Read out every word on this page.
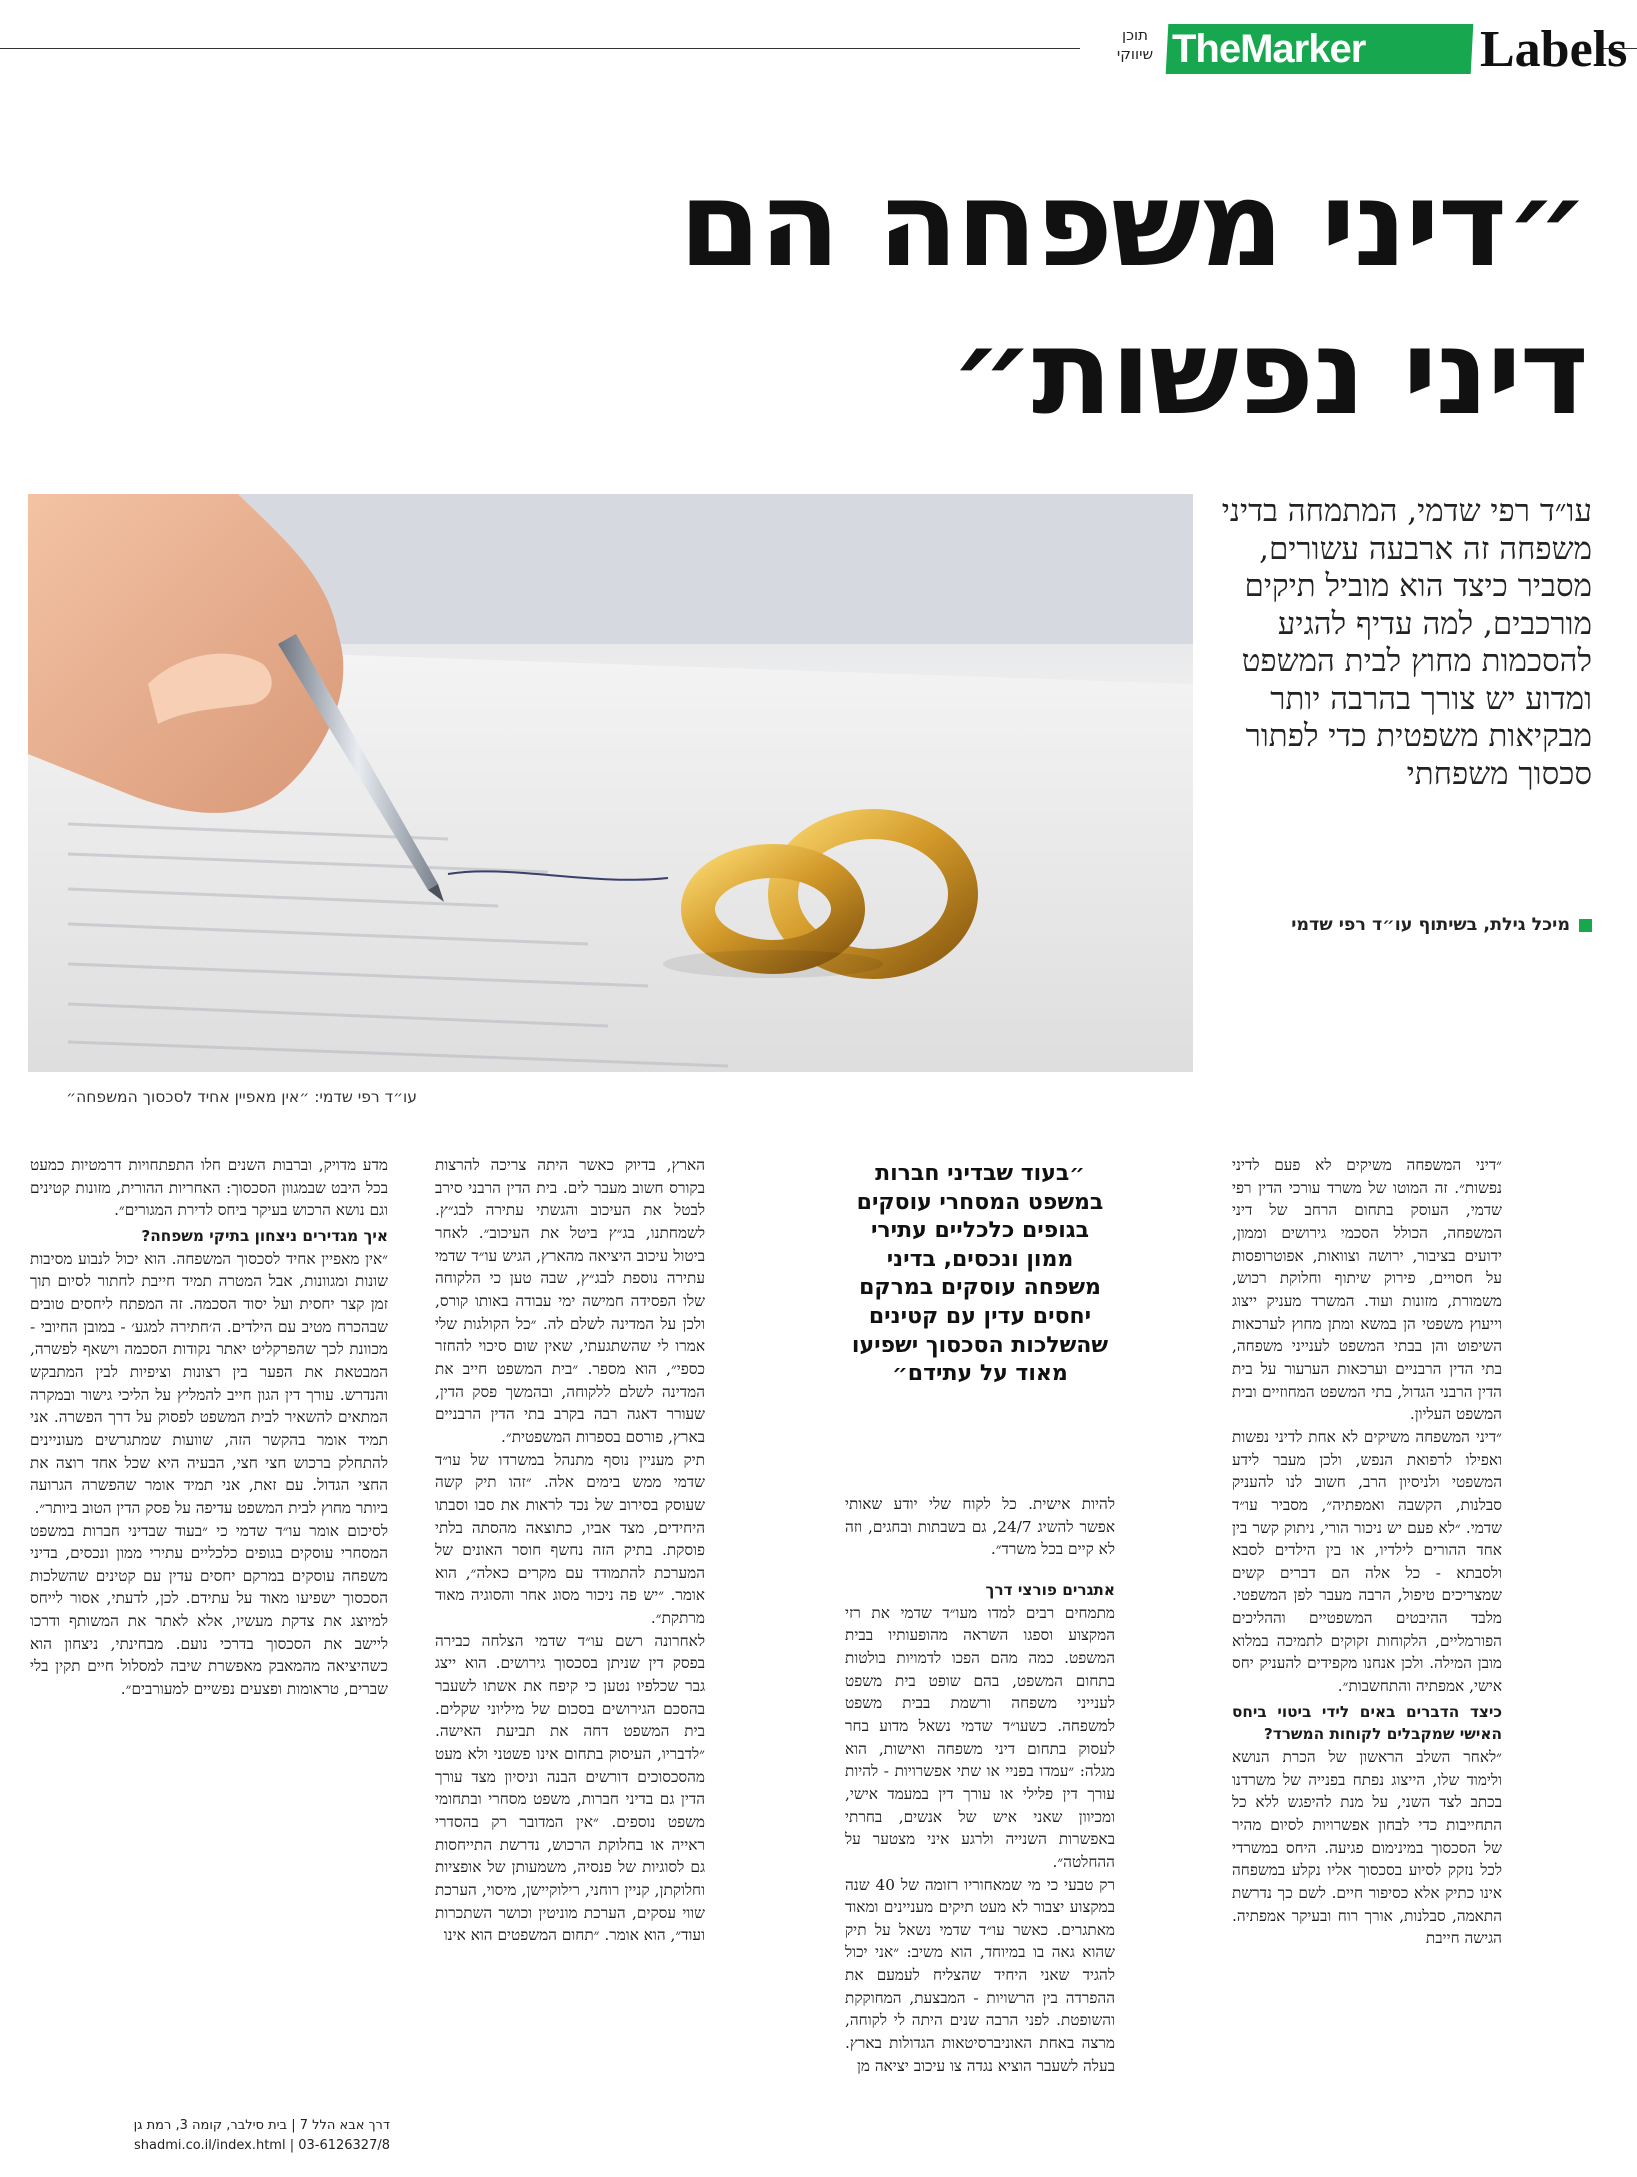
תוכן
שיווקי TheMarker	Labels
״דיני משפחה הם
דיני נפשות״
עו״ד רפי שדמי: ״אין מאפיין אחיד לסכסוך המשפחה״
עו״ד רפי שדמי, המתמחה בדיני משפחה זה ארבעה עשורים, מסביר כיצד הוא מוביל תיקים מורכבים, למה עדיף להגיע להסכמות מחוץ לבית המשפט ומדוע יש צורך בהרבה יותר מבקיאות משפטית כדי לפתור סכסוך משפחתי
מיכל גילת, בשיתוף עו״ד רפי שדמי

״דיני המשפחה משיקים לא פעם לדיני נפשות״. זה המוטו של משרד עורכי הדין רפי שדמי, העוסק בתחום הרחב של דיני המשפחה, הכולל הסכמי גירושים וממון, ידועים בציבור, ירושה וצוואות, אפוטרופסות על חסויים, פירוק שיתוף וחלוקת רכוש, משמורת, מזונות ועוד. המשרד מעניק ייצוג וייעוץ משפטי הן במשא ומתן מחוץ לערכאות השיפוט והן בבתי המשפט לענייני משפחה, בתי הדין הרבניים וערכאות הערעור על בית הדין הרבני הגדול, בתי המשפט המחוזיים ובית המשפט העליון.

״דיני המשפחה משיקים לא אחת לדיני נפשות ואפילו לרפואת הנפש, ולכן מעבר לידע המשפטי ולניסיון הרב, חשוב לנו להעניק סבלנות, הקשבה ואמפתיה״, מסביר עו״ד שדמי. ״לא פעם יש ניכור הורי, ניתוק קשר בין אחד ההורים לילדיו, או בין הילדים לסבא ולסבתא - כל אלה הם דברים קשים שמצריכים טיפול, הרבה מעבר לפן המשפטי. מלבד ההיבטים המשפטיים וההליכים הפורמליים, הלקוחות זקוקים לתמיכה במלוא מובן המילה. ולכן אנחנו מקפידים להעניק יחס אישי, אמפתיה והתחשבות״.

כיצד הדברים באים לידי ביטוי ביחס האישי שמקבלים לקוחות המשרד?

״לאחר השלב הראשון של הכרת הנושא ולימוד שלו, הייצוג נפתח בפנייה של משרדנו בכתב לצד השני, על מנת להיפגש ללא כל התחייבות כדי לבחון אפשרויות לסיום מהיר של הסכסוך במינימום פגיעה. היחס במשרדי לכל נזקק לסיוע בסכסוך אליו נקלע במשפחה אינו כתיק אלא כסיפור חיים. לשם כך נדרשת התאמה, סבלנות, אורך רוח ובעיקר אמפתיה. הגישה חייבת

״בעוד שבדיני חברות במשפט המסחרי עוסקים בגופים כלכליים עתירי ממון ונכסים, בדיני משפחה עוסקים במרקם יחסים עדין עם קטינים שהשלכות הסכסוך ישפיעו מאוד על עתידם״

להיות אישית. כל לקוח שלי יודע שאותי אפשר להשיג 24/7, גם בשבתות ובחגים, וזה לא קיים בכל משרד״.

אתגרים פורצי דרך

מתמחים רבים למדו מעו״ד שדמי את רזי המקצוע וספגו השראה מהופעותיו בבית המשפט. כמה מהם הפכו לדמויות בולטות בתחום המשפט, בהם שופט בית משפט לענייני משפחה ורשמת בבית משפט למשפחה. כשעו״ד שדמי נשאל מדוע בחר לעסוק בתחום דיני משפחה ואישות, הוא מגלה: ״עמדו בפניי או שתי אפשרויות - להיות עורך דין פלילי או עורך דין במעמד אישי, ומכיוון שאני איש של אנשים, בחרתי באפשרות השנייה ולרגע איני מצטער על ההחלטה״.

רק טבעי כי מי שמאחוריו רזומה של 40 שנה במקצוע יצבור לא מעט תיקים מעניינים ומאוד מאתגרים. כאשר עו״ד שדמי נשאל על תיק שהוא גאה בו במיוחד, הוא משיב: ״אני יכול להגיד שאני היחיד שהצליח לעמעם את ההפרדה בין הרשויות - המבצעת, המחוקקת והשופטת. לפני הרבה שנים היתה לי לקוחה, מרצה באחת האוניברסיטאות הגדולות בארץ. בעלה לשעבר הוציא נגדה צו עיכוב יציאה מן

הארץ, בדיוק כאשר היתה צריכה להרצות בקורס חשוב מעבר לים. בית הדין הרבני סירב לבטל את העיכוב והגשתי עתירה לבג״ץ. לשמחתנו, בג״ץ ביטל את העיכוב״. לאחר ביטול עיכוב היציאה מהארץ, הגיש עו״ד שדמי עתירה נוספת לבג״ץ, שבה טען כי הלקוחה שלו הפסידה חמישה ימי עבודה באותו קורס, ולכן על המדינה לשלם לה. ״כל הקולגות שלי אמרו לי שהשתגעתי, שאין שום סיכוי להחזר כספי״, הוא מספר. ״בית המשפט חייב את המדינה לשלם ללקוחה, ובהמשך פסק הדין, שעורר דאגה רבה בקרב בתי הדין הרבניים בארץ, פורסם בספרות המשפטית״.

תיק מעניין נוסף מתנהל במשרדו של עו״ד שדמי ממש בימים אלה. ״זהו תיק קשה שעוסק בסירוב של נכד לראות את סבו וסבתו היחידים, מצד אביו, כתוצאה מהסתה בלתי פוסקת. בתיק הזה נחשף חוסר האונים של המערכת להתמודד עם מקרים כאלה״, הוא אומר. ״יש פה ניכור מסוג אחר והסוגיה מאוד מרתקת״.

לאחרונה רשם עו״ד שדמי הצלחה כבירה בפסק דין שניתן בסכסוך גירושים. הוא ייצג גבר שכלפיו נטען כי קיפח את אשתו לשעבר בהסכם הגירושים בסכום של מיליוני שקלים. בית המשפט דחה את תביעת האישה. ״לדבריו, העיסוק בתחום אינו פשטני ולא מעט מהסכסוכים דורשים הבנה וניסיון מצד עורך הדין גם בדיני חברות, משפט מסחרי ובתחומי משפט נוספים. ״אין המדובר רק בהסדרי ראייה או בחלוקת הרכוש, נדרשת התייחסות גם לסוגיות של פנסיה, משמעותן של אופציות וחלוקתן, קניין רוחני, רילוקיישן, מיסוי, הערכת שווי עסקים, הערכת מוניטין וכושר השתכרות ועוד״, הוא אומר. ״תחום המשפטים הוא אינו

מדע מדויק, וברבות השנים חלו התפתחויות דרמטיות כמעט בכל היבט שבמגוון הסכסוך: האחריות ההורית, מזונות קטינים וגם נושא הרכוש בעיקר ביחס לדירת המגורים״.

איך מגדירים ניצחון בתיקי משפחה?

״אין מאפיין אחיד לסכסוך המשפחה. הוא יכול לנבוע מסיבות שונות ומגוונות, אבל המטרה תמיד חייבת לחתור לסיום תוך זמן קצר יחסית ועל יסוד הסכמה. זה המפתח ליחסים טובים שבהכרח מטיב עם הילדים. ה׳חתירה למגע׳ - במובן החיובי - מכוונת לכך שהפרקליט יאתר נקודות הסכמה וישאף לפשרה, המבטאת את הפער בין רצונות וציפיות לבין המתבקש והנדרש. עורך דין הגון חייב להמליץ על הליכי גישור ובמקרה המתאים להשאיר לבית המשפט לפסוק על דרך הפשרה. אני תמיד אומר בהקשר הזה, שוועות שמתגרשים מעוניינים להתחלק ברכוש חצי חצי, הבעיה היא שכל אחד רוצה את החצי הגדול. עם זאת, אני תמיד אומר שהפשרה הגרועה ביותר מחוץ לבית המשפט עדיפה על פסק הדין הטוב ביותר״.

לסיכום אומר עו״ד שדמי כי ״בעוד שבדיני חברות במשפט המסחרי עוסקים בגופים כלכליים עתירי ממון ונכסים, בדיני משפחה עוסקים במרקם יחסים עדין עם קטינים שהשלכות הסכסוך ישפיעו מאוד על עתידם. לכן, לדעתי, אסור לייחס למיוצג את צדקת מעשיו, אלא לאתר את המשותף ודרכו ליישב את הסכסוך בדרכי נועם. מבחינתי, ניצחון הוא כשהיציאה מהמאבק מאפשרת שיבה למסלול חיים תקין בלי שברים, טראומות ופצעים נפשיים למעורבים״.

דרך אבא הלל 7 | בית סילבר, קומה 3, רמת גן
shadmi.co.il/index.html | 03-6126327/8
